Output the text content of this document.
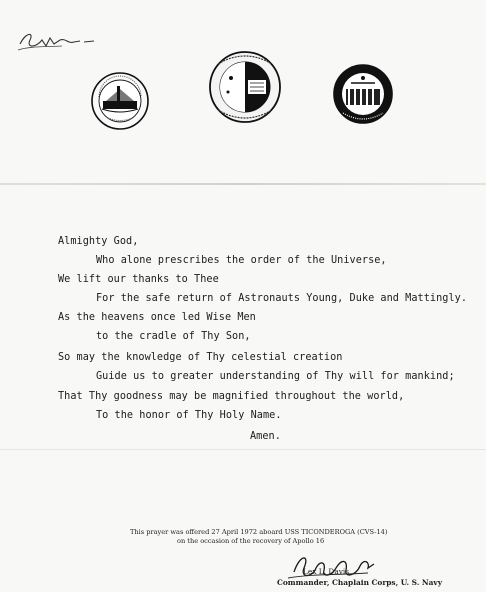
Almighty God,
Who alone prescribes the order of the Universe,
We lift our thanks to Thee
For the safe return of Astronauts Young, Duke and Mattingly.
As the heavens once led Wise Men
to the cradle of Thy Son,
So may the knowledge of Thy celestial creation
Guide us to greater understanding of Thy will for mankind;
That Thy goodness may be magnified throughout the world,
To the honor of Thy Holy Name.
Amen.
This prayer was offered 27 April 1972 aboard USS TICONDEROGA (CVS-14)
on the occasion of the recovery of Apollo 16
Lex L. Davis
Commander, Chaplain Corps, U. S. Navy
